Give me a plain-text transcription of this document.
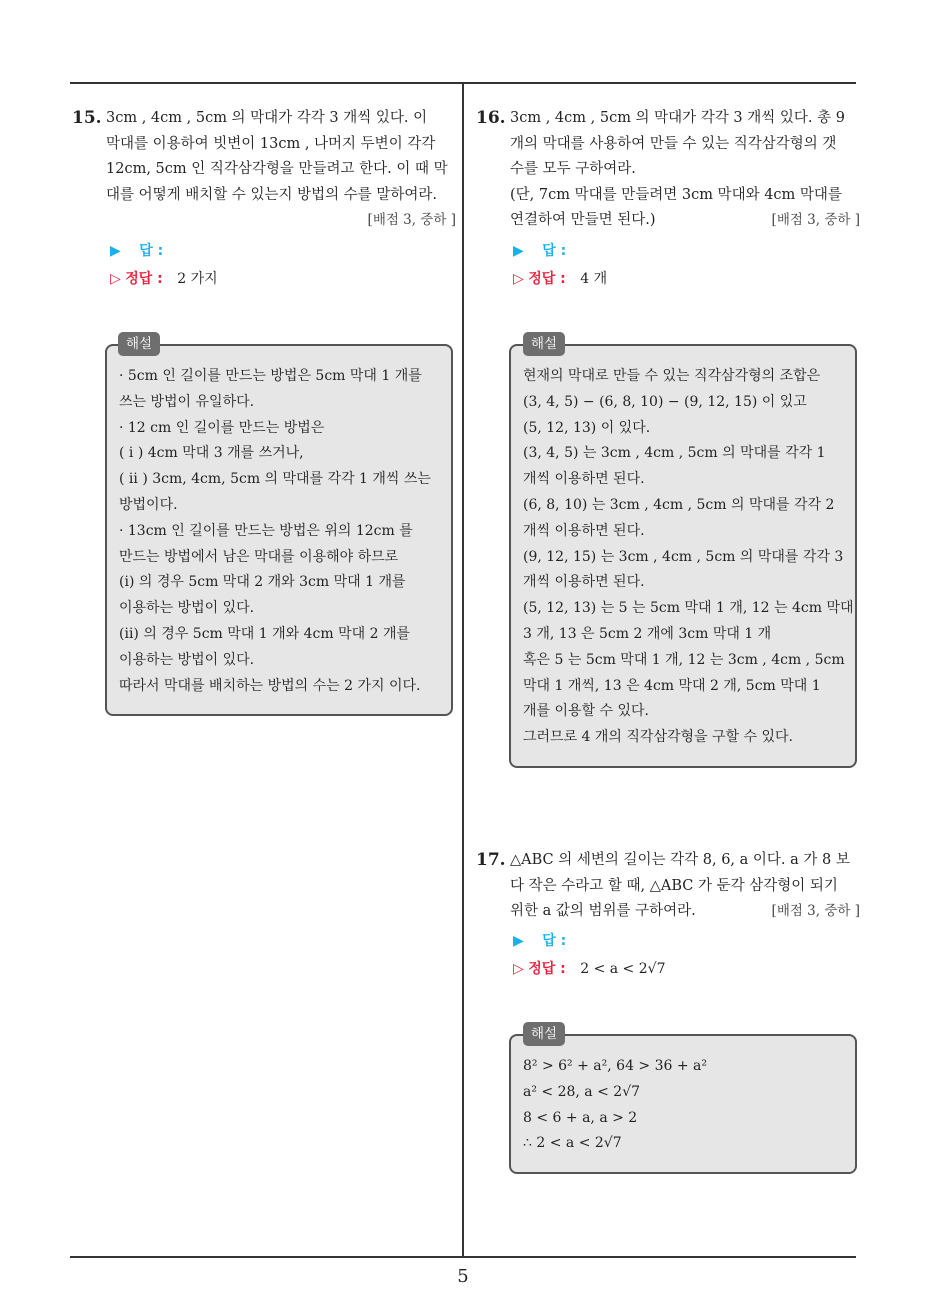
5
15. 3cm , 4cm , 5cm 의 막대가 각각 3 개씩 있다. 이
막대를 이용하여 빗변이 13cm , 나머지 두변이 각각
12cm, 5cm 인 직각삼각형을 만들려고 한다. 이 때 막
대를 어떻게 배치할 수 있는지 방법의 수를 말하여라.
[배점 3, 중하 ]
▶ 답 :
▷ 정답 : 2 가지
· 5cm 인 길이를 만드는 방법은 5cm 막대 1 개를
쓰는 방법이 유일하다.
· 12 cm 인 길이를 만드는 방법은
( ⅰ ) 4cm 막대 3 개를 쓰거나,
( ⅱ ) 3cm, 4cm, 5cm 의 막대를 각각 1 개씩 쓰는
방법이다.
· 13cm 인 길이를 만드는 방법은 위의 12cm 를
만드는 방법에서 남은 막대를 이용해야 하므로
(ⅰ) 의 경우 5cm 막대 2 개와 3cm 막대 1 개를
이용하는 방법이 있다.
(ⅱ) 의 경우 5cm 막대 1 개와 4cm 막대 2 개를
이용하는 방법이 있다.
따라서 막대를 배치하는 방법의 수는 2 가지 이다.
해설
16. 3cm , 4cm , 5cm 의 막대가 각각 3 개씩 있다. 총 9
개의 막대를 사용하여 만들 수 있는 직각삼각형의 갯
수를 모두 구하여라.
(단, 7cm 막대를 만들려면 3cm 막대와 4cm 막대를
연결하여 만들면 된다.)	[배점 3, 중하 ]
▶ 답 :
▷ 정답 : 4 개
현재의 막대로 만들 수 있는 직각삼각형의 조합은
(3, 4, 5) − (6, 8, 10) − (9, 12, 15) 이 있고
(5, 12, 13) 이 있다.
(3, 4, 5) 는 3cm , 4cm , 5cm 의 막대를 각각 1
개씩 이용하면 된다.
(6, 8, 10) 는 3cm , 4cm , 5cm 의 막대를 각각 2
개씩 이용하면 된다.
(9, 12, 15) 는 3cm , 4cm , 5cm 의 막대를 각각 3
개씩 이용하면 된다.
(5, 12, 13) 는 5 는 5cm 막대 1 개, 12 는 4cm 막대
3 개, 13 은 5cm 2 개에 3cm 막대 1 개
혹은 5 는 5cm 막대 1 개, 12 는 3cm , 4cm , 5cm
막대 1 개씩, 13 은 4cm 막대 2 개, 5cm 막대 1
개를 이용할 수 있다.
그러므로 4 개의 직각삼각형을 구할 수 있다.
해설
17. △ABC 의 세변의 길이는 각각 8, 6, a 이다. a 가 8 보
다 작은 수라고 할 때, △ABC 가 둔각 삼각형이 되기
위한 a 값의 범위를 구하여라.	[배점 3, 중하 ]
▶ 답 :
▷ 정답 : 2 < a < 2√7
8² > 6² + a², 64 > 36 + a²
a² < 28, a < 2√7
8 < 6 + a, a > 2
∴ 2 < a < 2√7
해설
